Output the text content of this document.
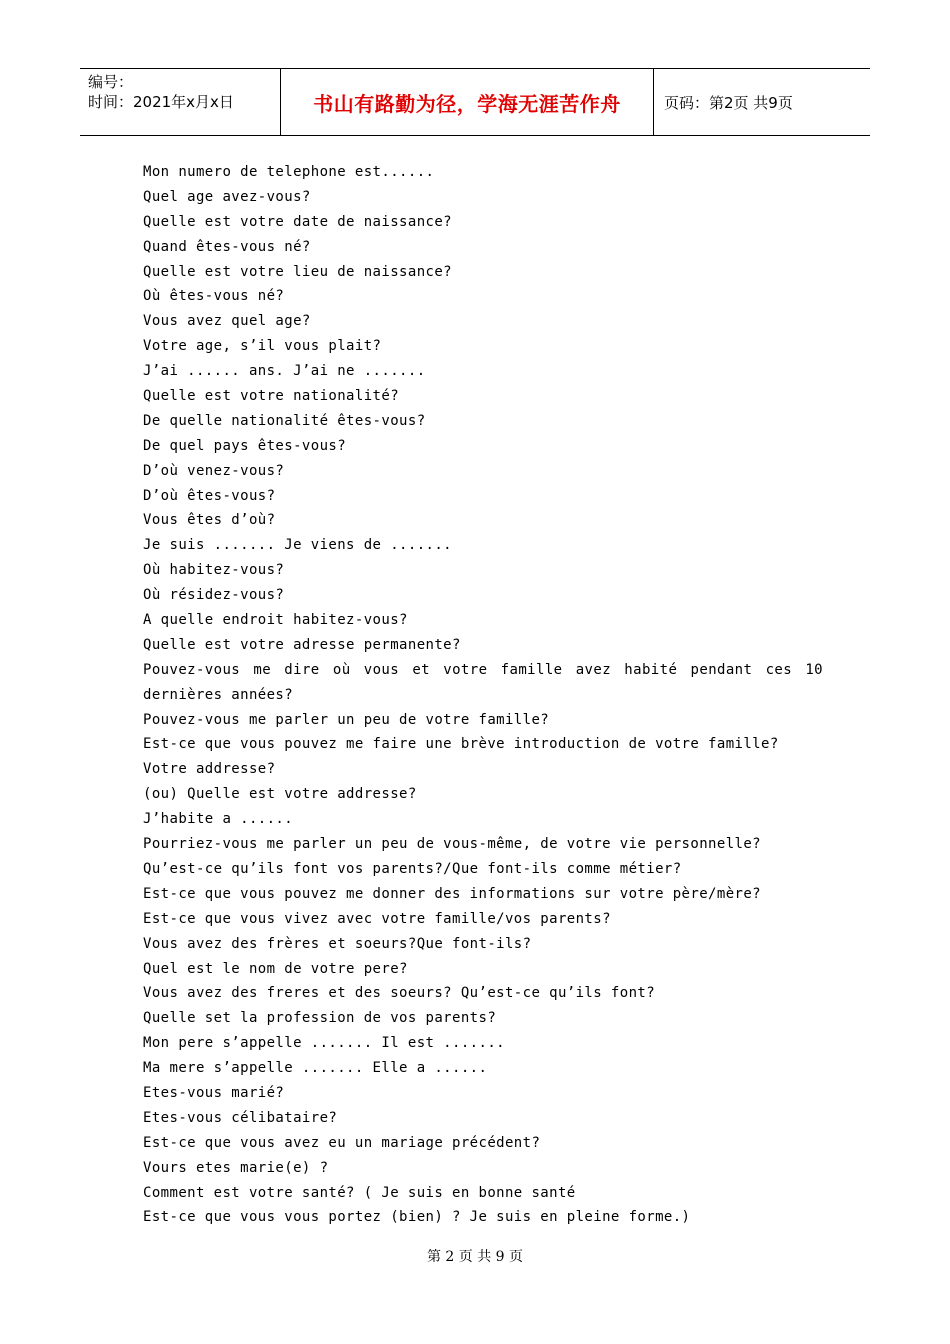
编号：
时间：2021年x月x日	书山有路勤为径，学海无涯苦作舟	页码：第2页 共9页
Mon numero de telephone est......
Quel age avez-vous?
Quelle est votre date de naissance?
Quand êtes-vous né?
Quelle est votre lieu de naissance?
Où êtes-vous né?
Vous avez quel age?
Votre age, s’il vous plait?
J’ai ...... ans. J’ai ne .......
Quelle est votre nationalité?
De quelle nationalité êtes-vous?
De quel pays êtes-vous?
D’où venez-vous?
D’où êtes-vous?
Vous êtes d’où?
Je suis ....... Je viens de .......
Où habitez-vous?
Où résidez-vous?
A quelle endroit habitez-vous?
Quelle est votre adresse permanente?
Pouvez-vous me dire où vous et votre famille avez habité pendant ces 10
dernières années?
Pouvez-vous me parler un peu de votre famille?
Est-ce que vous pouvez me faire une brève introduction de votre famille?
Votre addresse?
(ou) Quelle est votre addresse?
J’habite a ......
Pourriez-vous me parler un peu de vous-même, de votre vie personnelle?
Qu’est-ce qu’ils font vos parents?/Que font-ils comme métier?
Est-ce que vous pouvez me donner des informations sur votre père/mère?
Est-ce que vous vivez avec votre famille/vos parents?
Vous avez des frères et soeurs?Que font-ils?
Quel est le nom de votre pere?
Vous avez des freres et des soeurs? Qu’est-ce qu’ils font?
Quelle set la profession de vos parents?
Mon pere s’appelle ....... Il est .......
Ma mere s’appelle ....... Elle a ......
Etes-vous marié?
Etes-vous célibataire?
Est-ce que vous avez eu un mariage précédent?
Vours etes marie(e) ?
Comment est votre santé? ( Je suis en bonne santé
Est-ce que vous vous portez (bien) ? Je suis en pleine forme.)
第 2 页 共 9 页
